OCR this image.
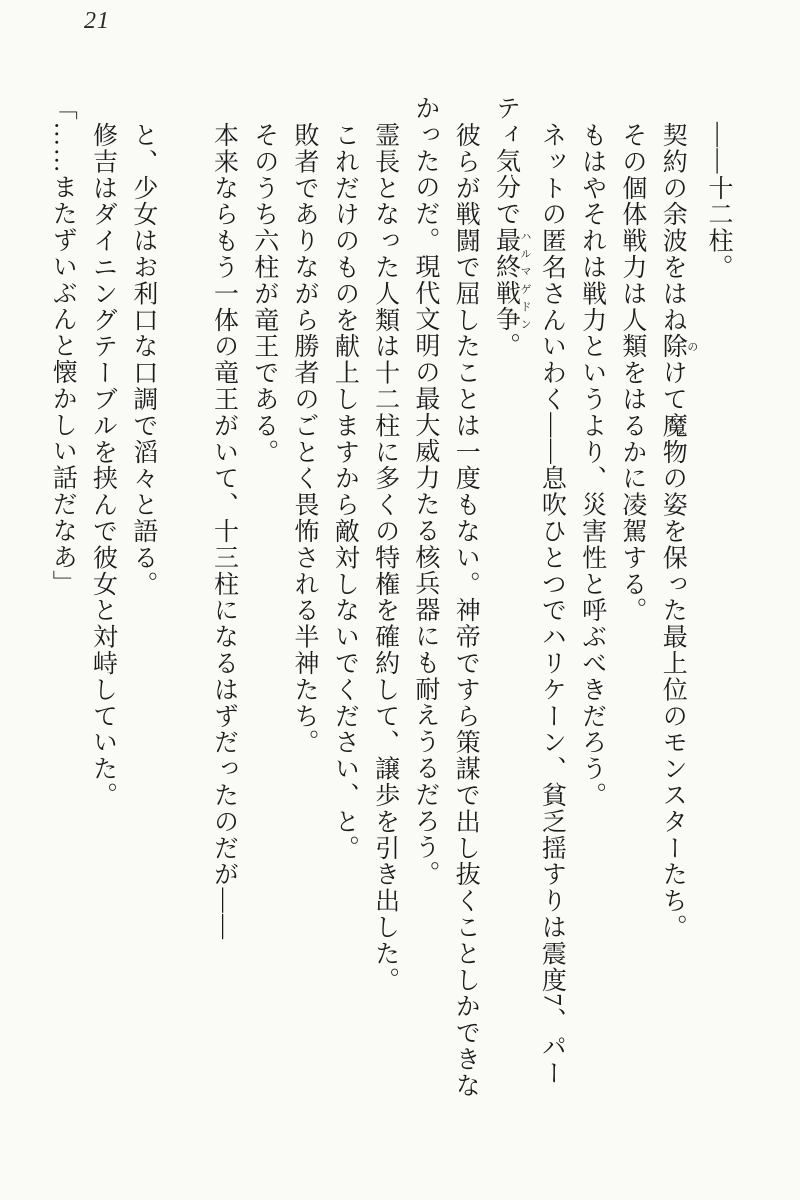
21

――十二柱。

契約の余波をはね除 のけて魔物の姿を保った最上位のモンスターたち。

その個体戦力は人類をはるかに凌駕する。

もはやそれは戦力というより、災害性と呼ぶべきだろう。

ネットの匿名さんいわく――息吹ひとつでハリケーン、貧乏揺すりは震度7、パー

ティ気分で最終戦争 ハルマゲドン。

彼らが戦闘で屈したことは一度もない。神帝ですら策謀で出し抜くことしかできな

かったのだ。現代文明の最大威力たる核兵器にも耐えうるだろう。

霊長となった人類は十二柱に多くの特権を確約して、譲歩を引き出した。

これだけのものを献上しますから敵対しないでください、と。

敗者でありながら勝者のごとく畏怖される半神たち。

そのうち六柱が竜王である。

本来ならもう一体の竜王がいて、十三柱になるはずだったのだが――

と、少女はお利口な口調で滔々と語る。

修吉はダイニングテーブルを挟んで彼女と対峙していた。

「……またずいぶんと懐かしい話だなあ」
